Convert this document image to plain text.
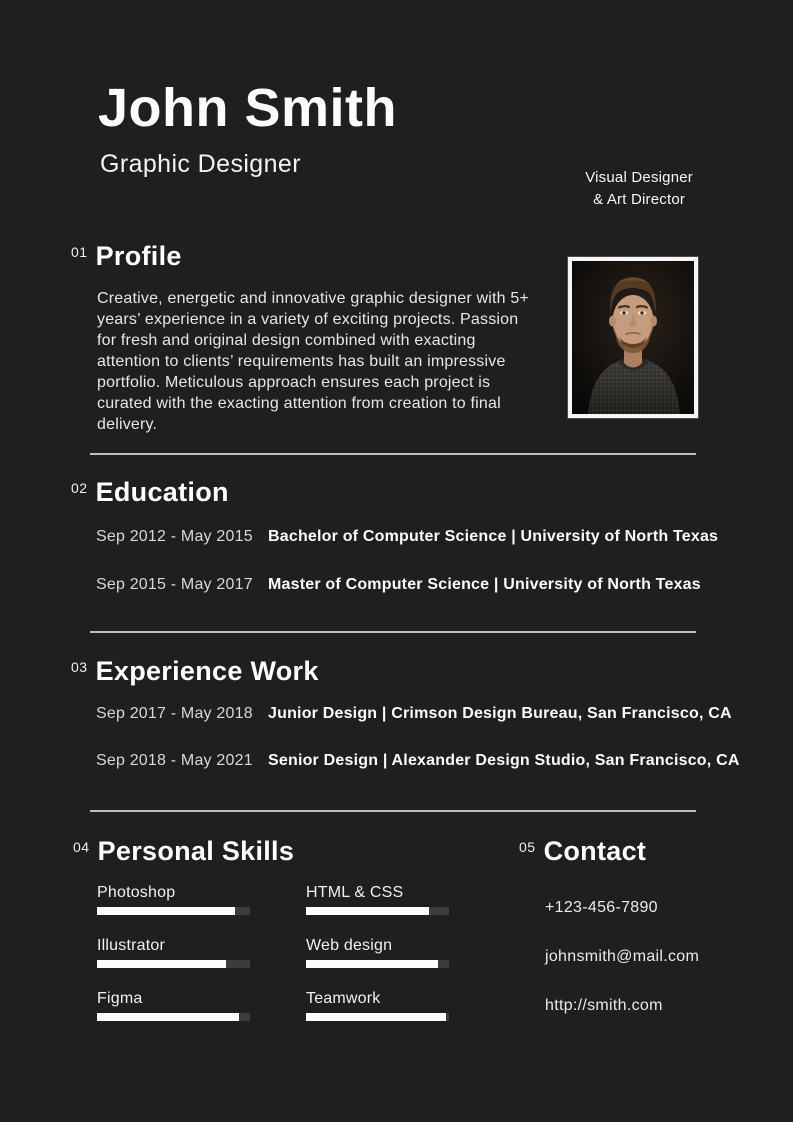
John Smith
Graphic Designer	Visual Designer
& Art Director
01 Profile
Creative, energetic and innovative graphic designer with 5+ years’ experience in a variety of exciting projects. Passion for fresh and original design combined with exacting attention to clients’ requirements has built an impressive portfolio. Meticulous approach ensures each project is curated with the exacting attention from creation to final delivery.
02 Education
Sep 2012 - May 2015 Bachelor of Computer Science | University of North Texas
Sep 2015 - May 2017 Master of Computer Science | University of North Texas
03 Experience Work
Sep 2017 - May 2018 Junior Design | Crimson Design Bureau, San Francisco, CA
Sep 2018 - May 2021 Senior Design | Alexander Design Studio, San Francisco, CA
04 Personal Skills
Photoshop
Illustrator
Figma
HTML & CSS
Web design
Teamwork
05 Contact
+123-456-7890
johnsmith@mail.com
http://smith.com
